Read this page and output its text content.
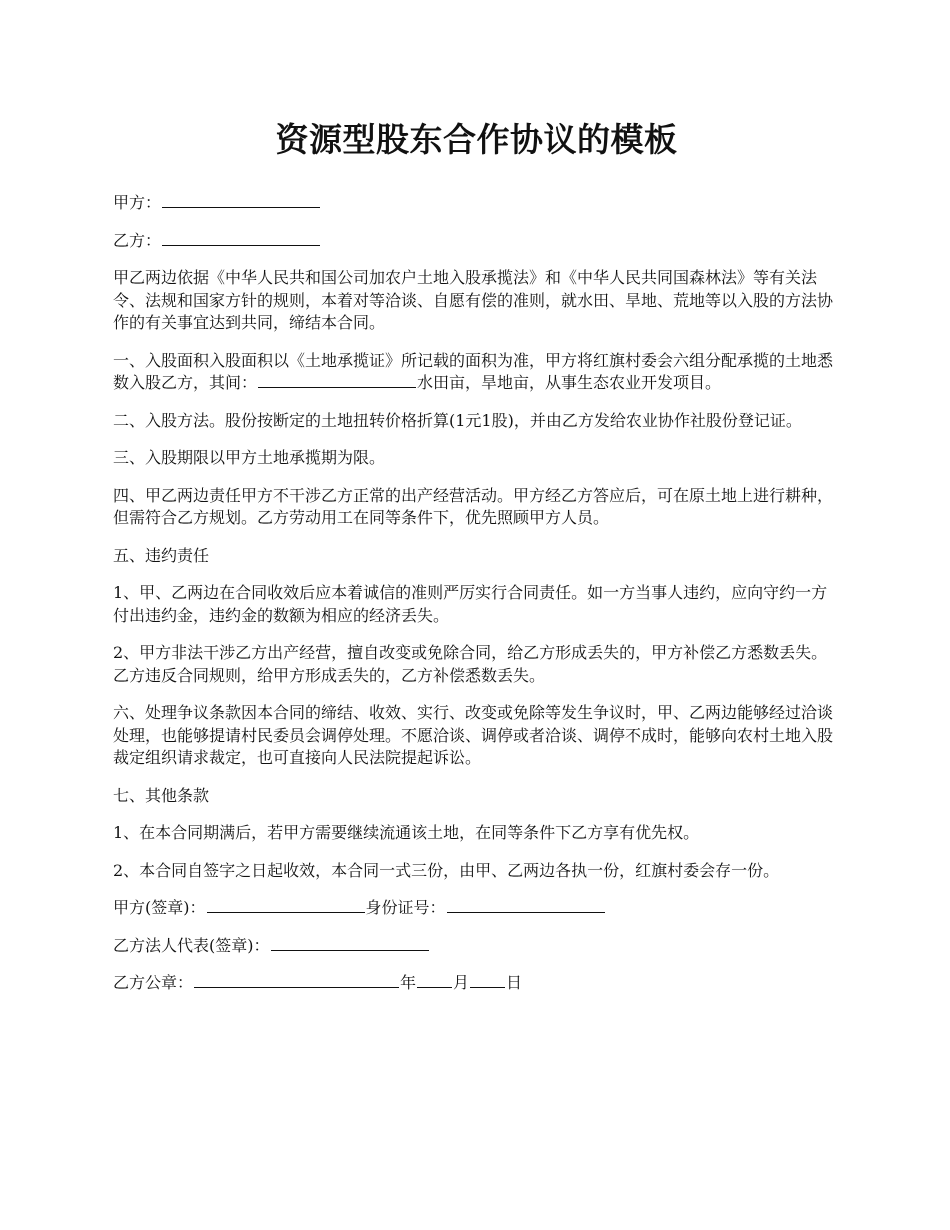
资源型股东合作协议的模板

甲方：

乙方：

甲乙两边依据《中华人民共和国公司加农户土地入股承揽法》和《中华人民共同国森林法》等有关法令、法规和国家方针的规则，本着对等洽谈、自愿有偿的准则，就水田、旱地、荒地等以入股的方法协作的有关事宜达到共同，缔结本合同。

一、入股面积入股面积以《土地承揽证》所记载的面积为准，甲方将红旗村委会六组分配承揽的土地悉数入股乙方，其间：	水田亩，旱地亩，从事生态农业开发项目。

二、入股方法。股份按断定的土地扭转价格折算(1元1股)，并由乙方发给农业协作社股份登记证。

三、入股期限以甲方土地承揽期为限。

四、甲乙两边责任甲方不干涉乙方正常的出产经营活动。甲方经乙方答应后，可在原土地上进行耕种，但需符合乙方规划。乙方劳动用工在同等条件下，优先照顾甲方人员。

五、违约责任

1、甲、乙两边在合同收效后应本着诚信的准则严厉实行合同责任。如一方当事人违约，应向守约一方付出违约金，违约金的数额为相应的经济丢失。

2、甲方非法干涉乙方出产经营，擅自改变或免除合同，给乙方形成丢失的，甲方补偿乙方悉数丢失。乙方违反合同规则，给甲方形成丢失的，乙方补偿悉数丢失。

六、处理争议条款因本合同的缔结、收效、实行、改变或免除等发生争议时，甲、乙两边能够经过洽谈处理，也能够提请村民委员会调停处理。不愿洽谈、调停或者洽谈、调停不成时，能够向农村土地入股裁定组织请求裁定，也可直接向人民法院提起诉讼。

七、其他条款

1、在本合同期满后，若甲方需要继续流通该土地，在同等条件下乙方享有优先权。

2、本合同自签字之日起收效，本合同一式三份，由甲、乙两边各执一份，红旗村委会存一份。

甲方(签章)：	身份证号：

乙方法人代表(签章)：

乙方公章：	年 月 日
